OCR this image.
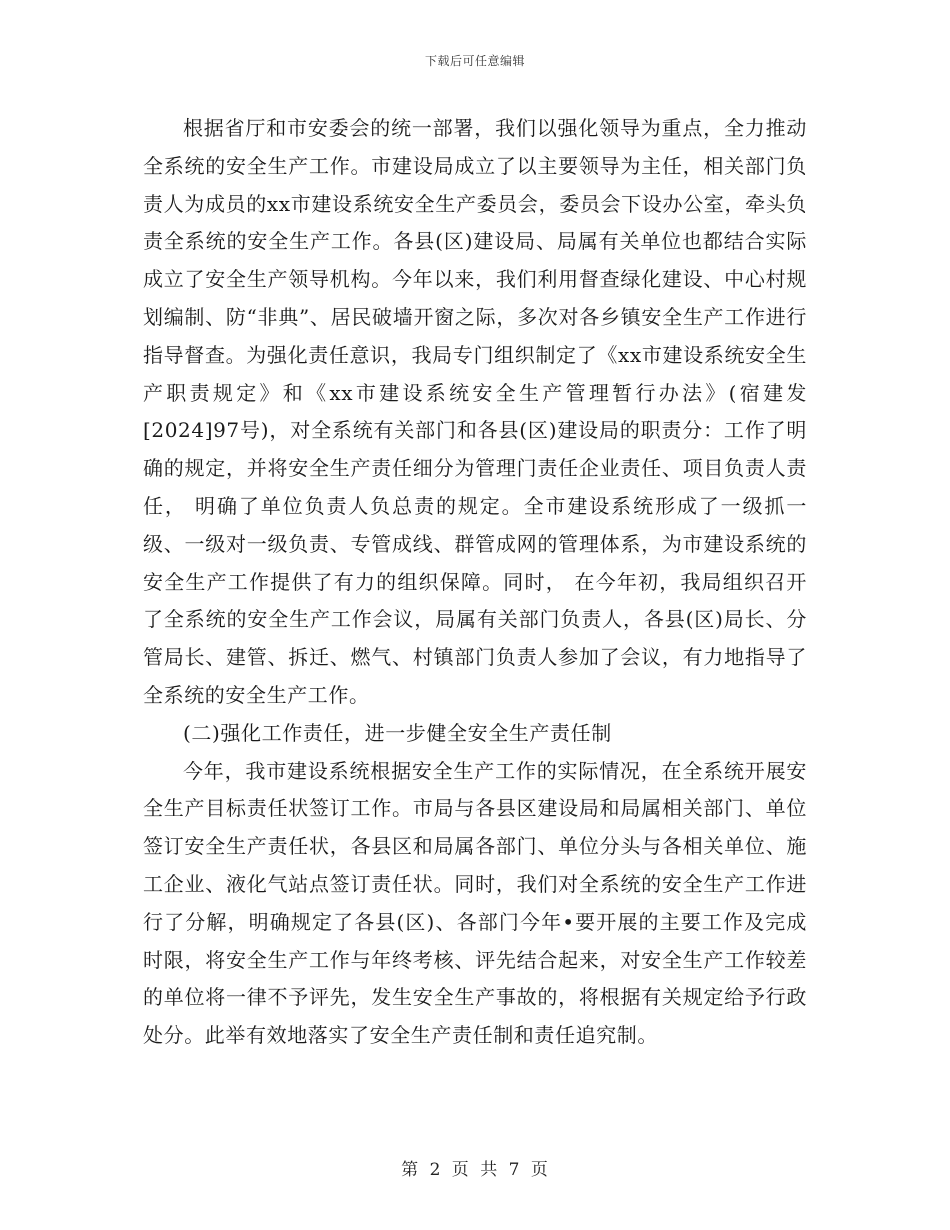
下载后可任意编辑

根据省厅和市安委会的统一部署，我们以强化领导为重点，全力推动全系统的安全生产工作。市建设局成立了以主要领导为主任，相关部门负责人为成员的xx市建设系统安全生产委员会，委员会下设办公室，牵头负责全系统的安全生产工作。各县(区)建设局、局属有关单位也都结合实际成立了安全生产领导机构。今年以来，我们利用督查绿化建设、中心村规划编制、防“非典”、居民破墙开窗之际，多次对各乡镇安全生产工作进行指导督查。为强化责任意识，我局专门组织制定了《xx市建设系统安全生产职责规定》和《xx市建设系统安全生产管理暂行办法》(宿建发[2024]97号)，对全系统有关部门和各县(区)建设局的职责分：工作了明确的规定，并将安全生产责任细分为管理门责任企业责任、项目负责人责任， 明确了单位负责人负总责的规定。全市建设系统形成了一级抓一级、一级对一级负责、专管成线、群管成网的管理体系，为市建设系统的安全生产工作提供了有力的组织保障。同时， 在今年初，我局组织召开了全系统的安全生产工作会议，局属有关部门负责人，各县(区)局长、分管局长、建管、拆迁、燃气、村镇部门负责人参加了会议，有力地指导了全系统的安全生产工作。

(二)强化工作责任，进一步健全安全生产责任制

今年，我市建设系统根据安全生产工作的实际情况，在全系统开展安全生产目标责任状签订工作。市局与各县区建设局和局属相关部门、单位签订安全生产责任状，各县区和局属各部门、单位分头与各相关单位、施工企业、液化气站点签订责任状。同时，我们对全系统的安全生产工作进行了分解，明确规定了各县(区)、各部门今年•要开展的主要工作及完成时限，将安全生产工作与年终考核、评先结合起来，对安全生产工作较差的单位将一律不予评先，发生安全生产事故的，将根据有关规定给予行政处分。此举有效地落实了安全生产责任制和责任追究制。

第 2 页 共 7 页
